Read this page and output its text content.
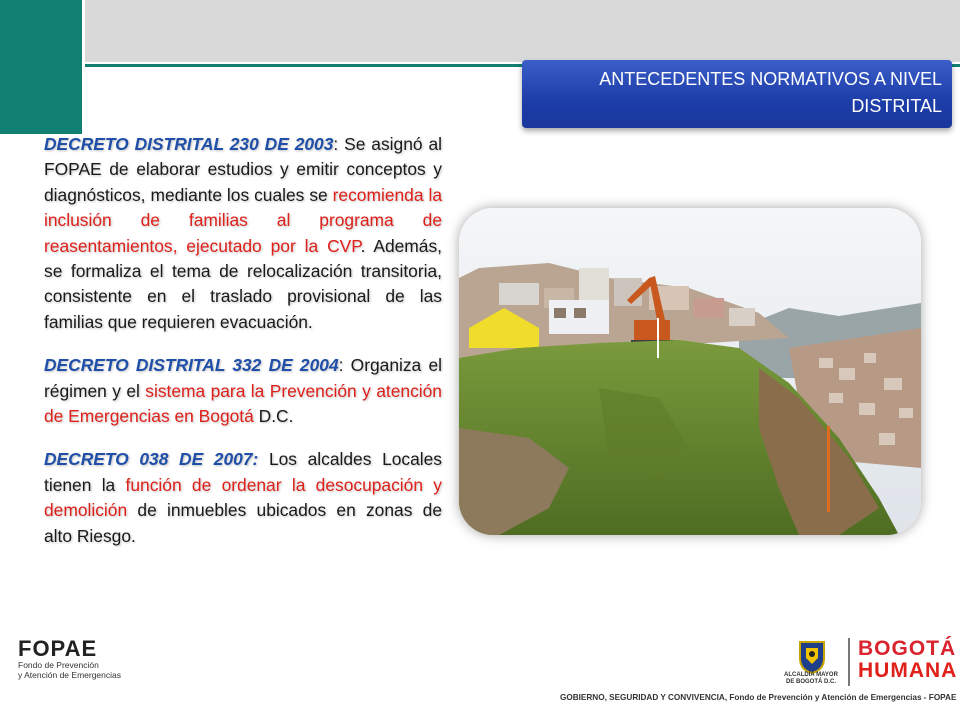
ANTECEDENTES NORMATIVOS A NIVEL
DISTRITAL

DECRETO DISTRITAL 230 DE 2003: Se asignó al FOPAE de elaborar estudios y emitir conceptos y diagnósticos, mediante los cuales se recomienda la inclusión de familias al programa de reasentamientos, ejecutado por la CVP. Además, se formaliza el tema de relocalización transitoria, consistente en el traslado provisional de las familias que requieren evacuación.

DECRETO DISTRITAL 332 DE 2004: Organiza el régimen y el sistema para la Prevención y atención de Emergencias en Bogotá D.C.

DECRETO 038 DE 2007: Los alcaldes Locales tienen la función de ordenar la desocupación y demolición de inmuebles ubicados en zonas de alto Riesgo.

FOPAE
Fondo de Prevención
y Atención de Emergencias	ALCALDÍA MAYOR
DE BOGOTÁ D.C.
BOGOTÁ
HUMANA
GOBIERNO, SEGURIDAD Y CONVIVENCIA, Fondo de Prevención y Atención de Emergencias - FOPAE
